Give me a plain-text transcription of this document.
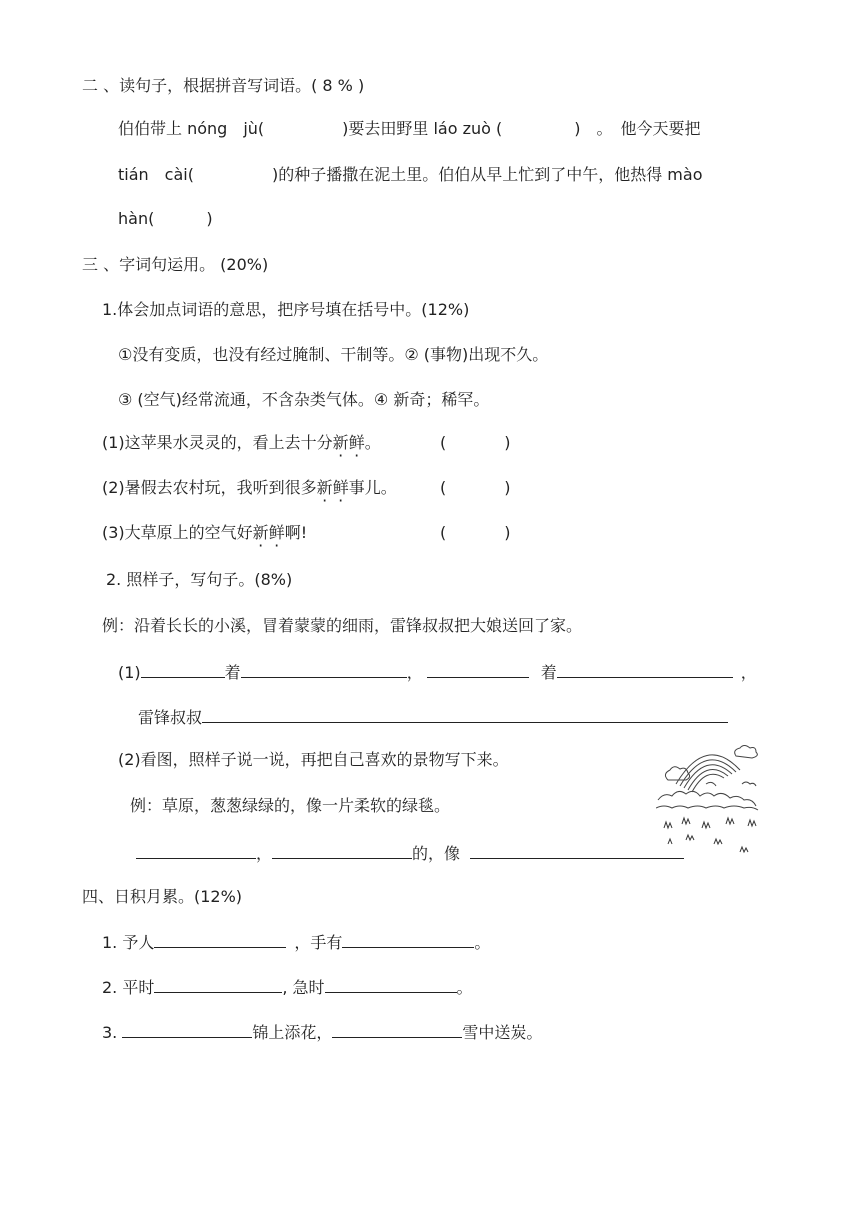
二 、读句子，根据拼音写词语。( 8 % )
伯伯带上 nóng　jù(	)要去田野里 láo zuò (	)　。　他今天要把
tián　cài(	)的种子播撒在泥土里。伯伯从早上忙到了中午，他热得 mào
hàn(	)
三 、字词句运用。 (20%)
1.体会加点词语的意思，把序号填在括号中。(12%)
①没有变质，也没有经过腌制、干制等。② (事物)出现不久。
③ (空气)经常流通，不含杂类气体。④ 新奇；稀罕。
(1)这苹果水灵灵的，看上去十分新鲜。	(	)
(2)暑假去农村玩，我听到很多新鲜事儿。	(	)
(3)大草原上的空气好新鲜啊!	(	)
2. 照样子，写句子。(8%)
例：沿着长长的小溪，冒着蒙蒙的细雨，雷锋叔叔把大娘送回了家。
(1)	着	，	着	，
雷锋叔叔
(2)看图，照样子说一说，再把自己喜欢的景物写下来。
例：草原，葱葱绿绿的，像一片柔软的绿毯。
，	的，像
四、日积月累。(12%)
1. 予人	，手有	。
2. 平时	, 急时	。
3.	锦上添花，	雪中送炭。
